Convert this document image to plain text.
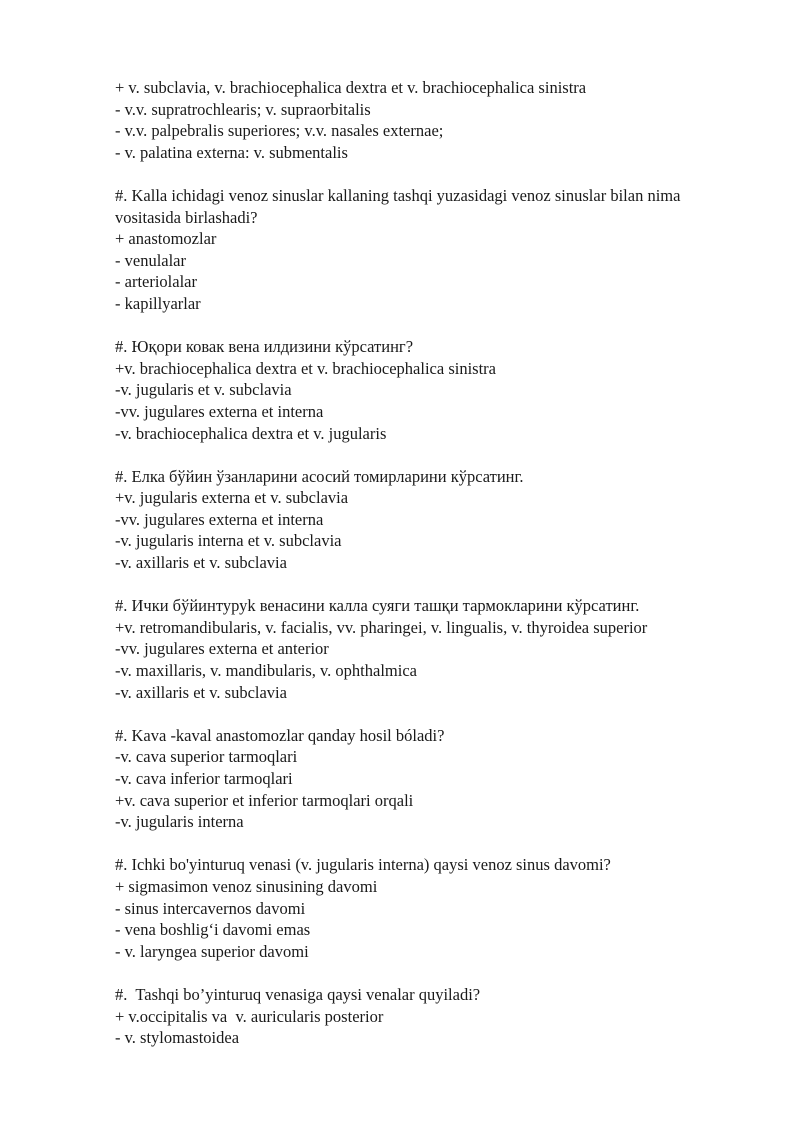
+ v. subclavia, v. brachiocephalica dextra et v. brachiocephalica sinistra
- v.v. supratrochlearis; v. supraorbitalis
- v.v. palpebralis superiores; v.v. nasales externae;
- v. palatina externa: v. submentalis
#. Kalla ichidagi venoz sinuslar kallaning tashqi yuzasidagi venoz sinuslar bilan nima vositasida birlashadi?
+ anastomozlar
- venulalar
- arteriolalar
- kapillyarlar
#. Юқори ковак вена илдизини кўрсатинг?
+v. brachiocephalica dextra et v. brachiocephalica sinistra
-v. jugularis et v. subclavia
-vv. jugulares externa et interna
-v. brachiocephalica dextra et v. jugularis
#. Елка бўйин ўзанларини асосий томирларини кўрсатинг.
+v. jugularis externa et v. subclavia
-vv. jugulares externa et interna
-v. jugularis interna et v. subclavia
-v. axillaris et v. subclavia
#. Ички бўйинтуруk венасини калла суяги ташқи тармокларини кўрсатинг.
+v. retromandibularis, v. facialis, vv. pharingei, v. lingualis, v. thyroidea superior
-vv. jugulares externa et anterior
-v. maxillaris, v. mandibularis, v. ophthalmica
-v. axillaris et v. subclavia
#. Kava -kaval anastomozlar qanday hosil bóladi?
-v. cava superior tarmoqlari
-v. cava inferior tarmoqlari
+v. cava superior et inferior tarmoqlari orqali
-v. jugularis interna
#. Ichki bo'yinturuq venasi (v. jugularis interna) qaysi venoz sinus davomi?
+ sigmasimon venoz sinusining davomi
- sinus intercavernos davomi
- vena boshlig‘i davomi emas
- v. laryngea superior davomi
#.  Tashqi bo’yinturuq venasiga qaysi venalar quyiladi?
+ v.occipitalis va  v. auricularis posterior
- v. stylomastoidea
